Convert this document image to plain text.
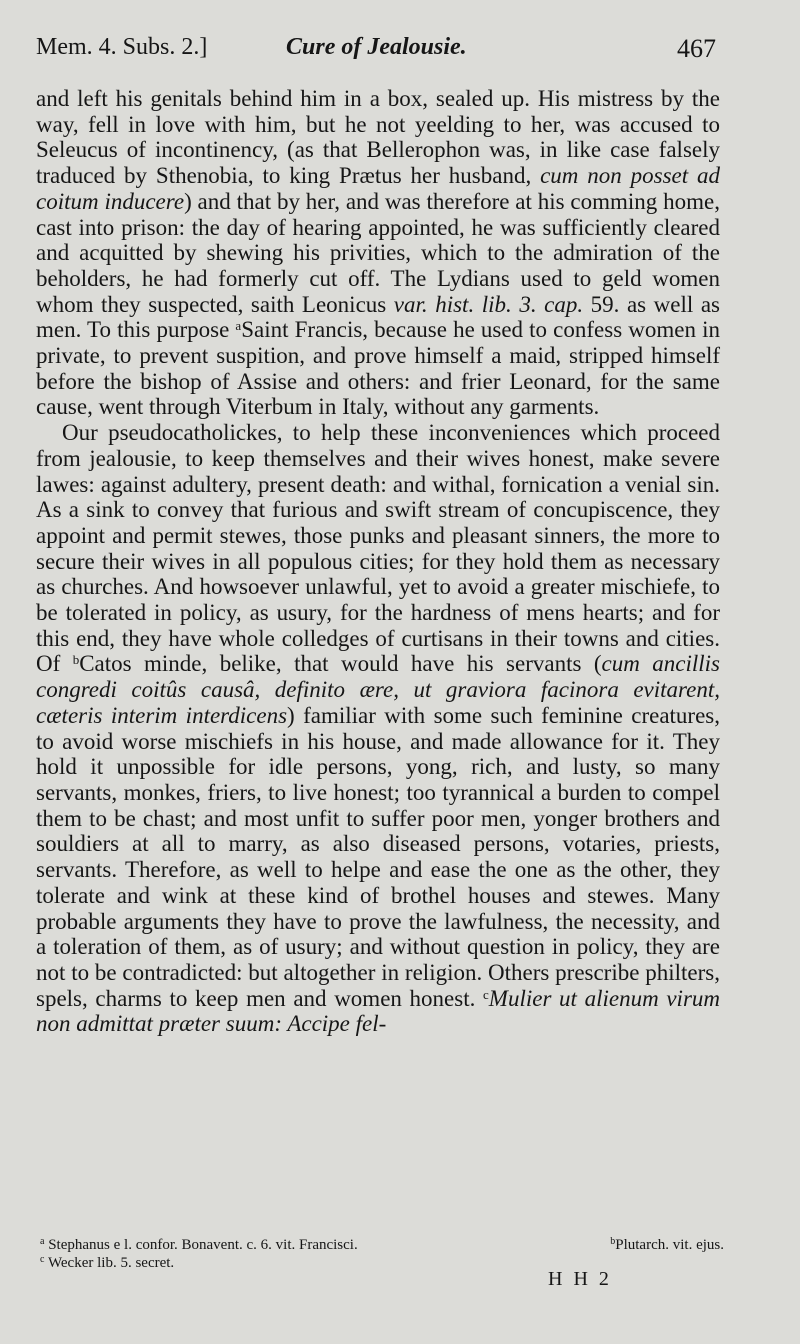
Mem. 4. Subs. 2.]	Cure of Jealousie.	467

and left his genitals behind him in a box, sealed up. His mistress by the way, fell in love with him, but he not yeelding to her, was accused to Seleucus of incontinency, (as that Bellerophon was, in like case falsely traduced by Sthenobia, to king Prætus her husband, cum non posset ad coitum inducere) and that by her, and was therefore at his comming home, cast into prison: the day of hearing appointed, he was sufficiently cleared and acquitted by shewing his privities, which to the admiration of the beholders, he had formerly cut off. The Lydians used to geld women whom they suspected, saith Leonicus var. hist. lib. 3. cap. 59. as well as men. To this purpose $^a$Saint Francis, because he used to confess women in private, to prevent suspition, and prove himself a maid, stripped himself before the bishop of Assise and others: and frier Leonard, for the same cause, went through Viterbum in Italy, without any garments.

Our pseudocatholickes, to help these inconveniences which proceed from jealousie, to keep themselves and their wives honest, make severe lawes: against adultery, present death: and withal, fornication a venial sin. As a sink to convey that furious and swift stream of concupiscence, they appoint and permit stewes, those punks and pleasant sinners, the more to secure their wives in all populous cities; for they hold them as necessary as churches. And howsoever unlawful, yet to avoid a greater mischiefe, to be tolerated in policy, as usury, for the hardness of mens hearts; and for this end, they have whole colledges of curtisans in their towns and cities. Of $^b$Catos minde, belike, that would have his servants (cum ancillis congredi coitûs causâ, definito ære, ut graviora facinora evitarent, cæteris interim interdicens) familiar with some such feminine creatures, to avoid worse mischiefs in his house, and made allowance for it. They hold it unpossible for idle persons, yong, rich, and lusty, so many servants, monkes, friers, to live honest; too tyrannical a burden to compel them to be chast; and most unfit to suffer poor men, yonger brothers and souldiers at all to marry, as also diseased persons, votaries, priests, servants. Therefore, as well to helpe and ease the one as the other, they tolerate and wink at these kind of brothel houses and stewes. Many probable arguments they have to prove the lawfulness, the necessity, and a toleration of them, as of usury; and without question in policy, they are not to be contradicted: but altogether in religion. Others prescribe philters, spels, charms to keep men and women honest. $^c$Mulier ut alienum virum non admittat præter suum: Accipe fel-

$^a$ Stephanus e l. confor. Bonavent. c. 6. vit. Francisci.	$^b$Plutarch. vit. ejus.
$^c$ Wecker lib. 5. secret.
H H 2
